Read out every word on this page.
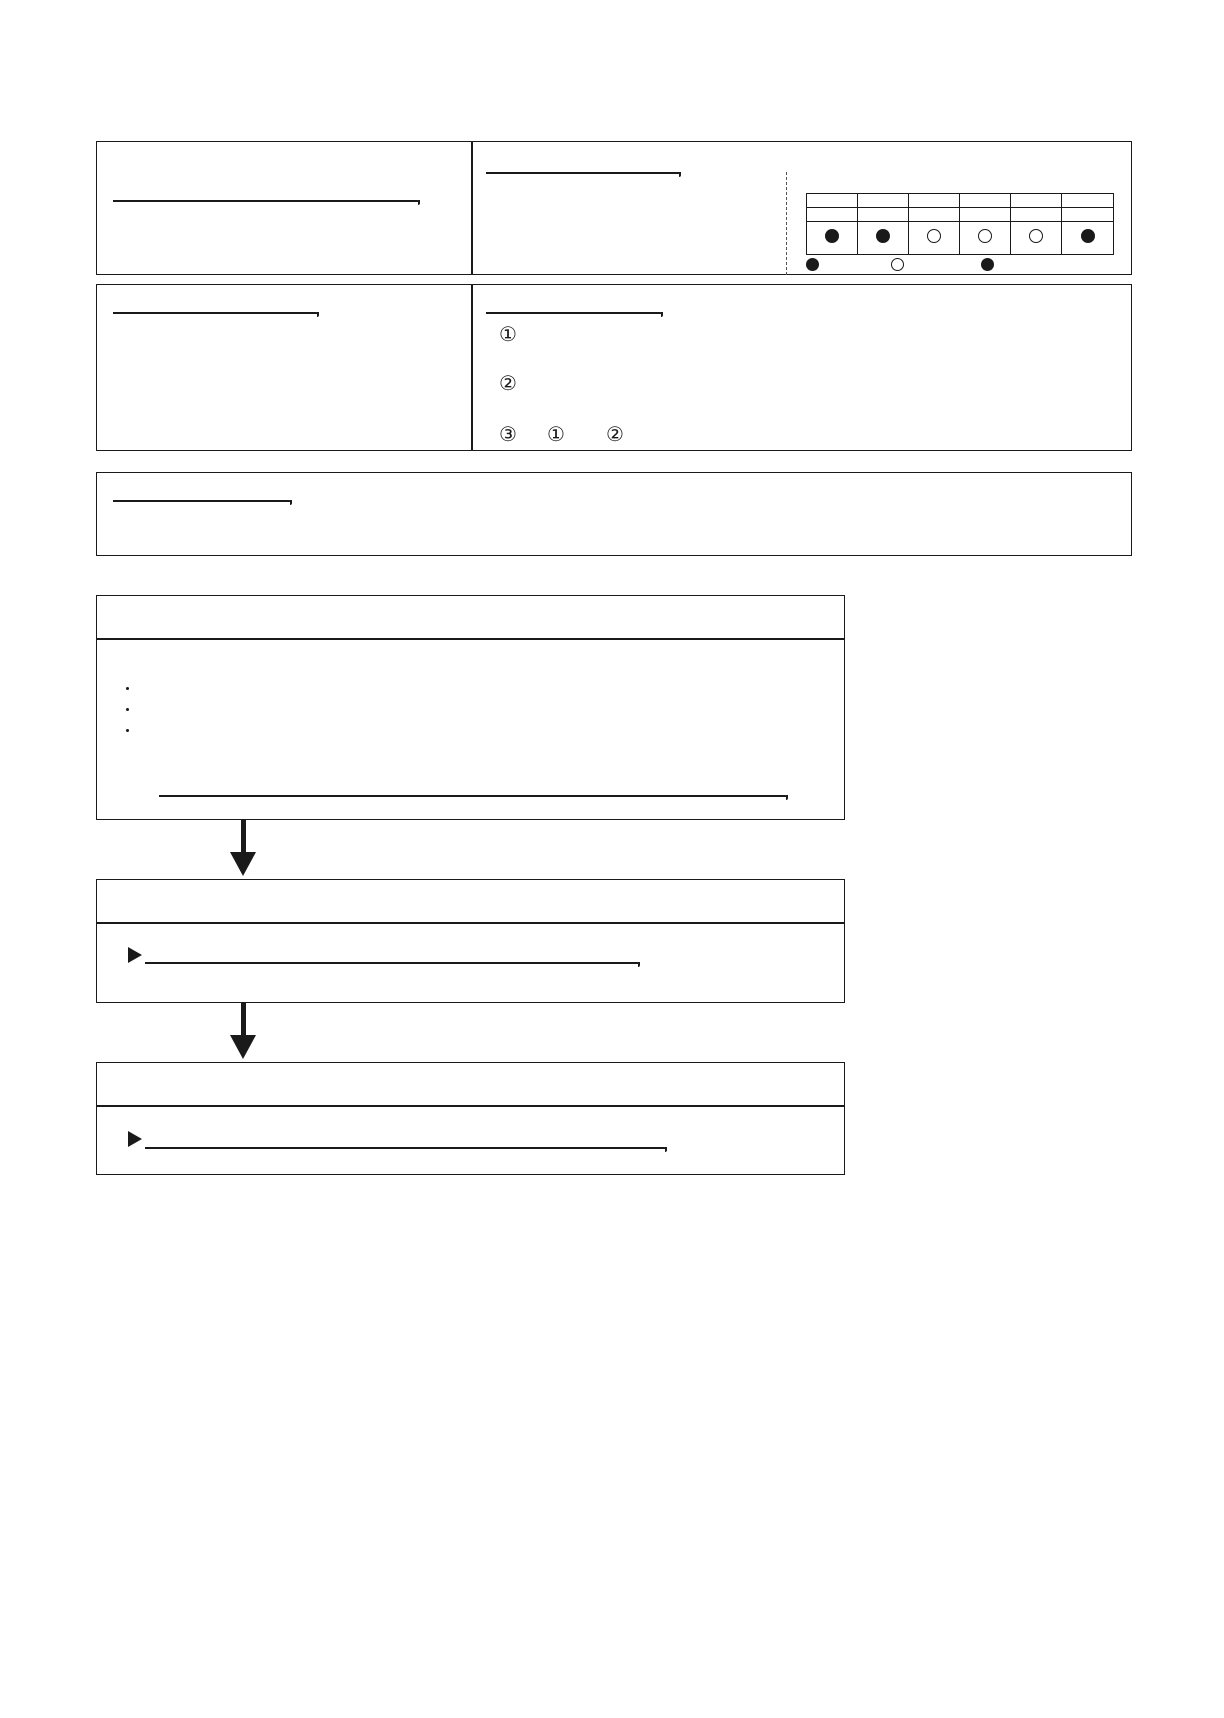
①
②
③ ① ②
